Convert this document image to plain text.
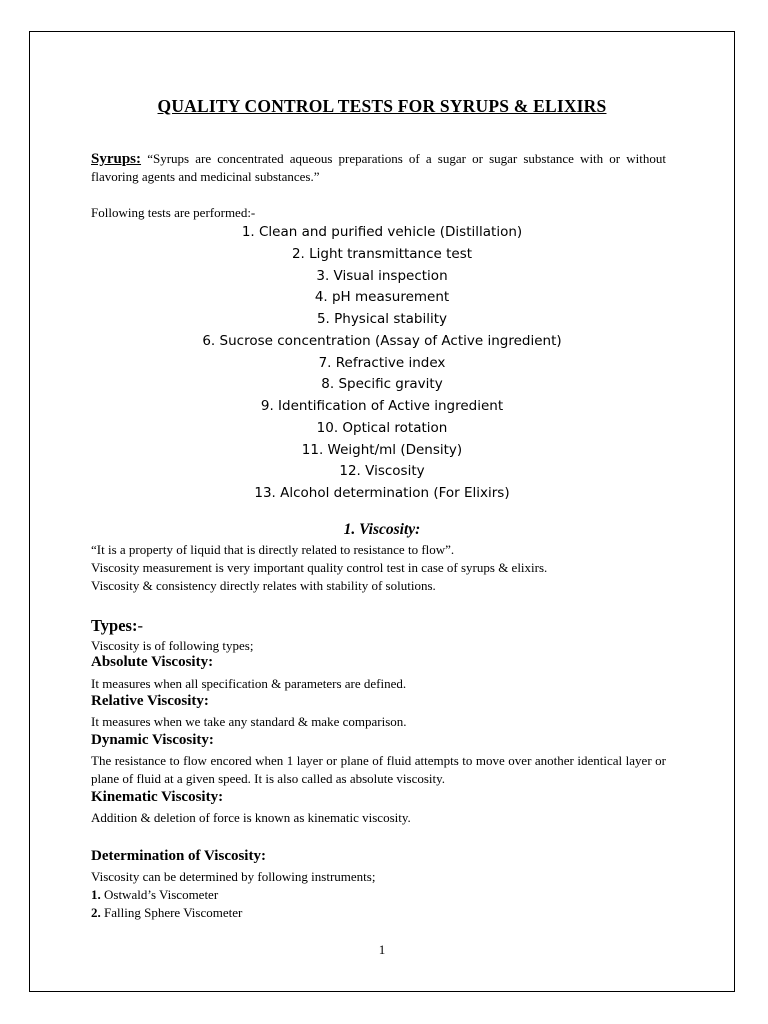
QUALITY CONTROL TESTS FOR SYRUPS & ELIXIRS
Syrups: “Syrups are concentrated aqueous preparations of a sugar or sugar substance with or without flavoring agents and medicinal substances.”
Following tests are performed:-
1. Clean and purified vehicle (Distillation)
2. Light transmittance test
3. Visual inspection
4. pH measurement
5. Physical stability
6. Sucrose concentration (Assay of Active ingredient)
7. Refractive index
8. Specific gravity
9. Identification of Active ingredient
10. Optical rotation
11. Weight/ml (Density)
12. Viscosity
13. Alcohol determination (For Elixirs)
1. Viscosity:
“It is a property of liquid that is directly related to resistance to flow”.
Viscosity measurement is very important quality control test in case of syrups & elixirs.
Viscosity & consistency directly relates with stability of solutions.
Types:-
Viscosity is of following types;
Absolute Viscosity:
It measures when all specification & parameters are defined.
Relative Viscosity:
It measures when we take any standard & make comparison.
Dynamic Viscosity:
The resistance to flow encored when 1 layer or plane of fluid attempts to move over another identical layer or plane of fluid at a given speed. It is also called as absolute viscosity.
Kinematic Viscosity:
Addition & deletion of force is known as kinematic viscosity.
Determination of Viscosity:
Viscosity can be determined by following instruments;
1. Ostwald’s Viscometer
2. Falling Sphere Viscometer
1
